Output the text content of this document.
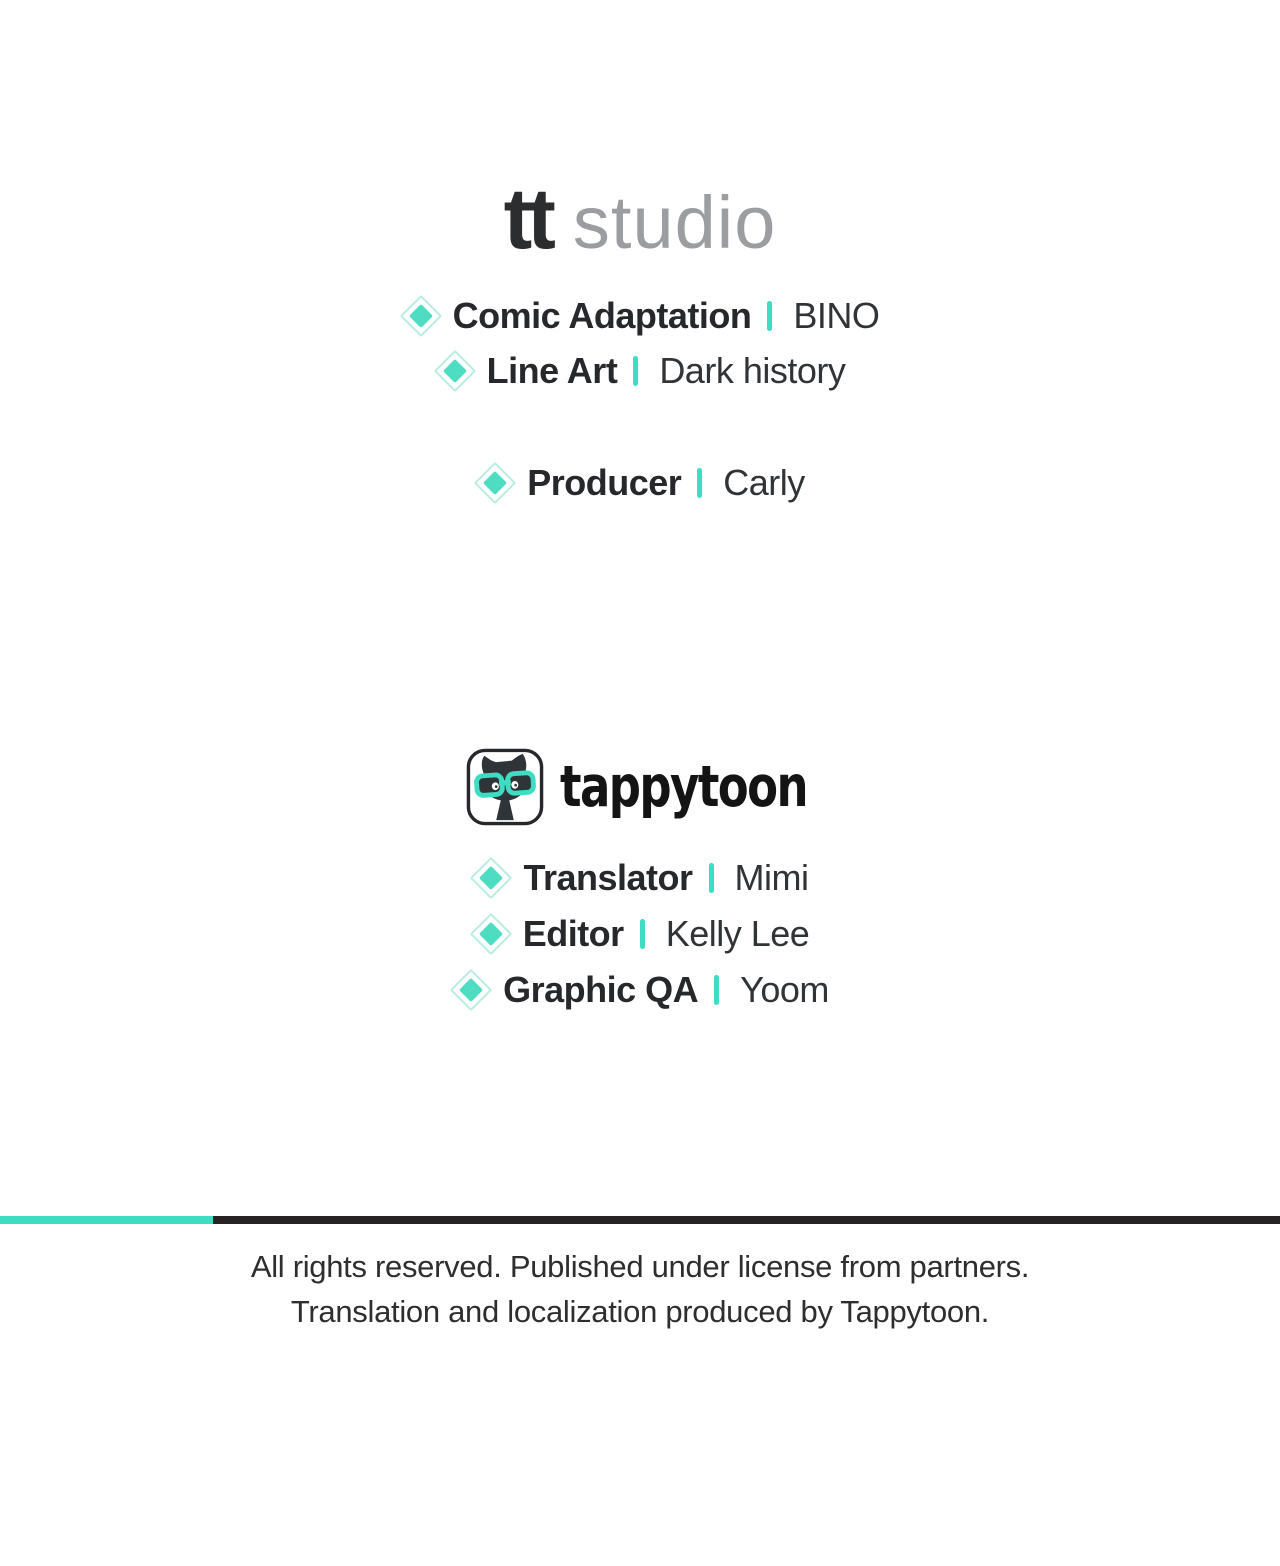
tt studio
Comic Adaptation BINO
Line Art Dark history
Producer Carly
tappytoon
Translator Mimi
Editor Kelly Lee
Graphic QA Yoom
All rights reserved. Published under license from partners.
Translation and localization produced by Tappytoon.
